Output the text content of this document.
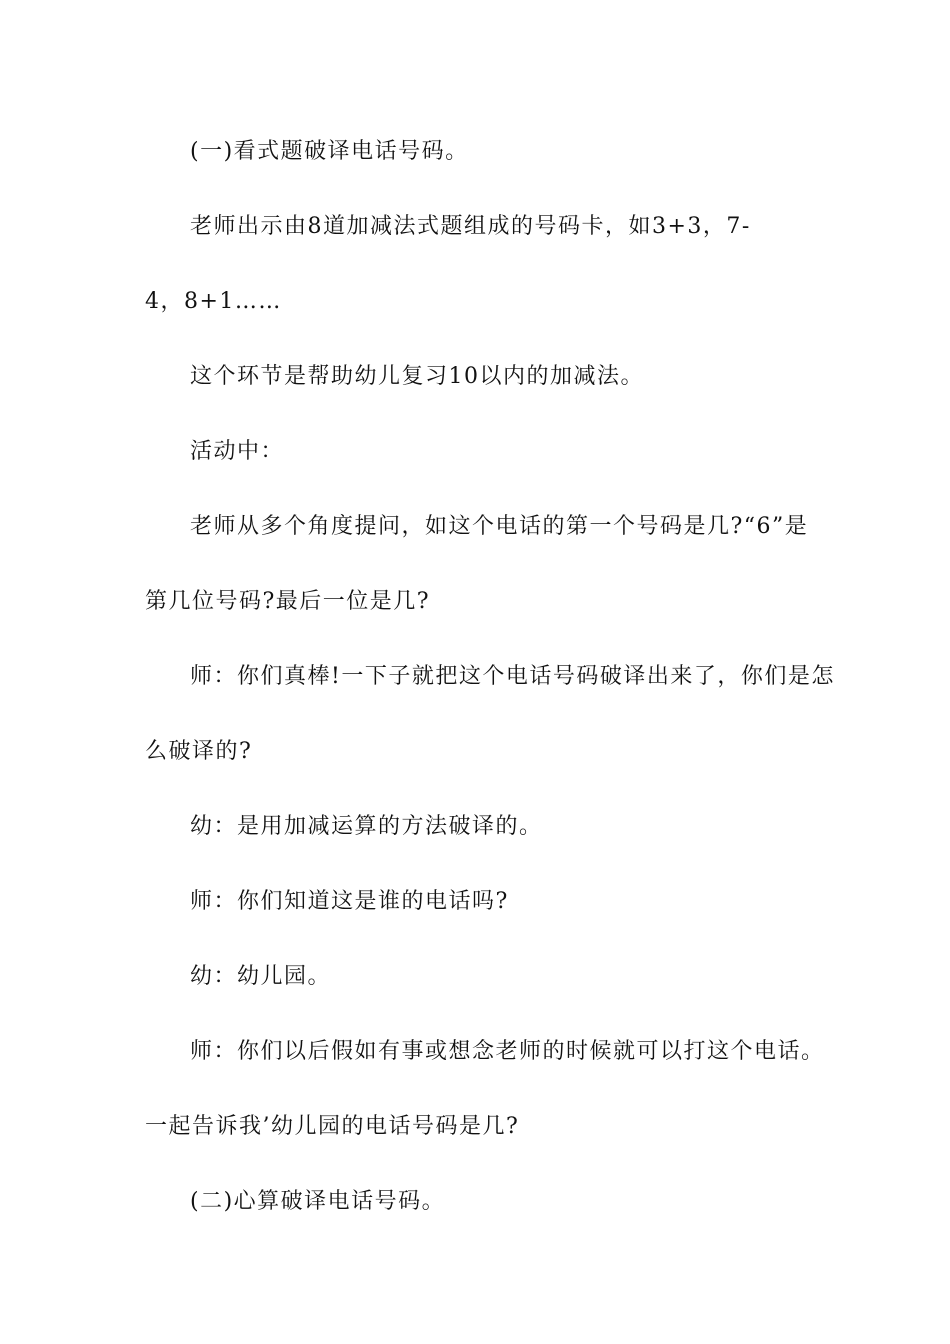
(一)看式题破译电话号码。
老师出示由8道加减法式题组成的号码卡，如3+3，7-
4，8+1……
这个环节是帮助幼儿复习10以内的加减法。
活动中：
老师从多个角度提问，如这个电话的第一个号码是几?“6”是
第几位号码?最后一位是几?
师：你们真棒!一下子就把这个电话号码破译出来了，你们是怎
么破译的?
幼：是用加减运算的方法破译的。
师：你们知道这是谁的电话吗?
幼：幼儿园。
师：你们以后假如有事或想念老师的时候就可以打这个电话。
一起告诉我’幼儿园的电话号码是几?
(二)心算破译电话号码。
